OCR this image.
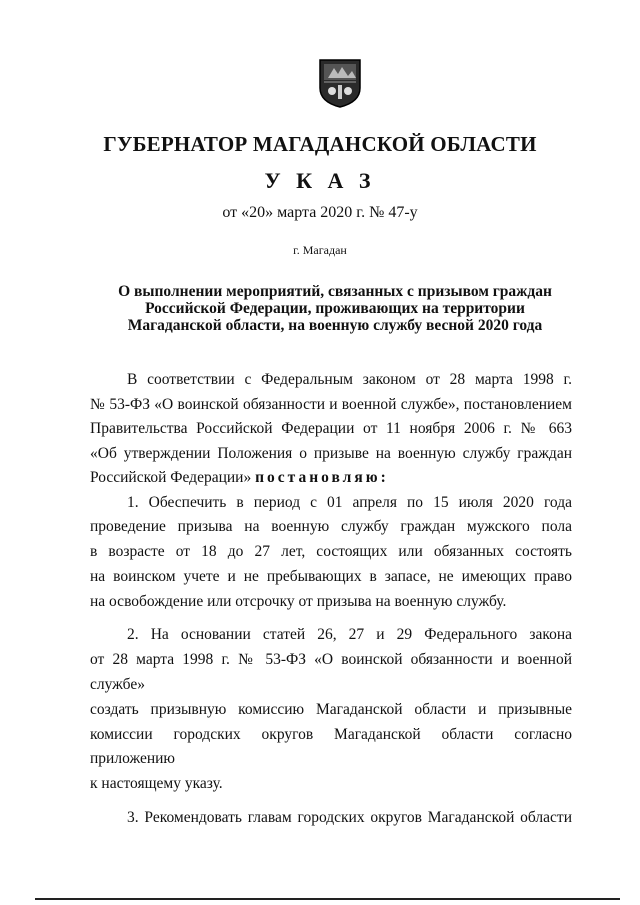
ГУБЕРНАТОР МАГАДАНСКОЙ ОБЛАСТИ
У К А З
от «20» марта 2020 г. № 47-у
г. Магадан
О выполнении мероприятий, связанных с призывом граждан
Российской Федерации, проживающих на территории
Магаданской области, на военную службу весной 2020 года

В соответствии с Федеральным законом от 28 марта 1998 г.
№ 53-ФЗ «О воинской обязанности и военной службе», постановлением
Правительства Российской Федерации от 11 ноября 2006 г. № 663
«Об утверждении Положения о призыве на военную службу граждан
Российской Федерации» постановляю:

1. Обеспечить в период с 01 апреля по 15 июля 2020 года
проведение призыва на военную службу граждан мужского пола
в возрасте от 18 до 27 лет, состоящих или обязанных состоять
на воинском учете и не пребывающих в запасе, не имеющих право
на освобождение или отсрочку от призыва на военную службу.

2. На основании статей 26, 27 и 29 Федерального закона
от 28 марта 1998 г. № 53-ФЗ «О воинской обязанности и военной службе»
создать призывную комиссию Магаданской области и призывные
комиссии городских округов Магаданской области согласно приложению
к настоящему указу.

3. Рекомендовать главам городских округов Магаданской области
